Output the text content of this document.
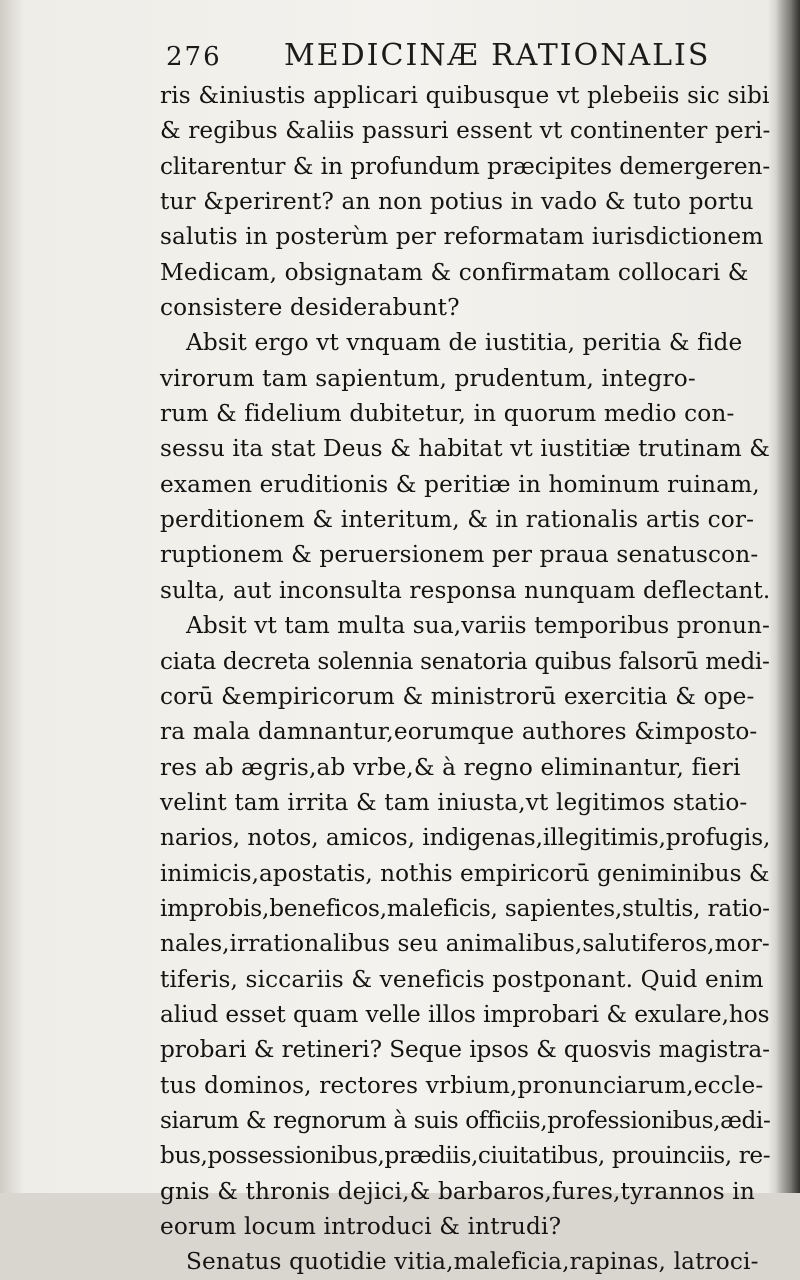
276 MEDICINÆ RATIONALIS
ris &iniustis applicari quibusque vt plebeiis sic sibi
& regibus &aliis passuri essent vt continenter peri-
clitarentur & in profundum præcipites demergeren-
tur &perirent? an non potius in vado & tuto portu
salutis in posterùm per reformatam iurisdictionem
Medicam, obsignatam & confirmatam collocari &
consistere desiderabunt?
Absit ergo vt vnquam de iustitia, peritia & fide
virorum tam sapientum, prudentum, integro-
rum & fidelium dubitetur, in quorum medio con-
sessu ita stat Deus & habitat vt iustitiæ trutinam &
examen eruditionis & peritiæ in hominum ruinam,
perditionem & interitum, & in rationalis artis cor-
ruptionem & peruersionem per praua senatuscon-
sulta, aut inconsulta responsa nunquam deflectant.
Absit vt tam multa sua,variis temporibus pronun-
ciata decreta solennia senatoria quibus falsorū medi-
corū &empiricorum & ministrorū exercitia & ope-
ra mala damnantur,eorumque authores &imposto-
res ab ægris,ab vrbe,& à regno eliminantur, fieri
velint tam irrita & tam iniusta,vt legitimos statio-
narios, notos, amicos, indigenas,illegitimis,profugis,
inimicis,apostatis, nothis empiricorū geniminibus &
improbis,beneficos,maleficis, sapientes,stultis, ratio-
nales,irrationalibus seu animalibus,salutiferos,mor-
tiferis, siccariis & veneficis postponant. Quid enim
aliud esset quam velle illos improbari & exulare,hos
probari & retineri? Seque ipsos & quosvis magistra-
tus dominos, rectores vrbium,pronunciarum,eccle-
siarum & regnorum à suis officiis,professionibus,ædi-
bus,possessionibus,prædiis,ciuitatibus, prouinciis, re-
gnis & thronis dejici,& barbaros,fures,tyrannos in
eorum locum introduci & intrudi?
Senatus quotidie vitia,maleficia,rapinas, latroci-
